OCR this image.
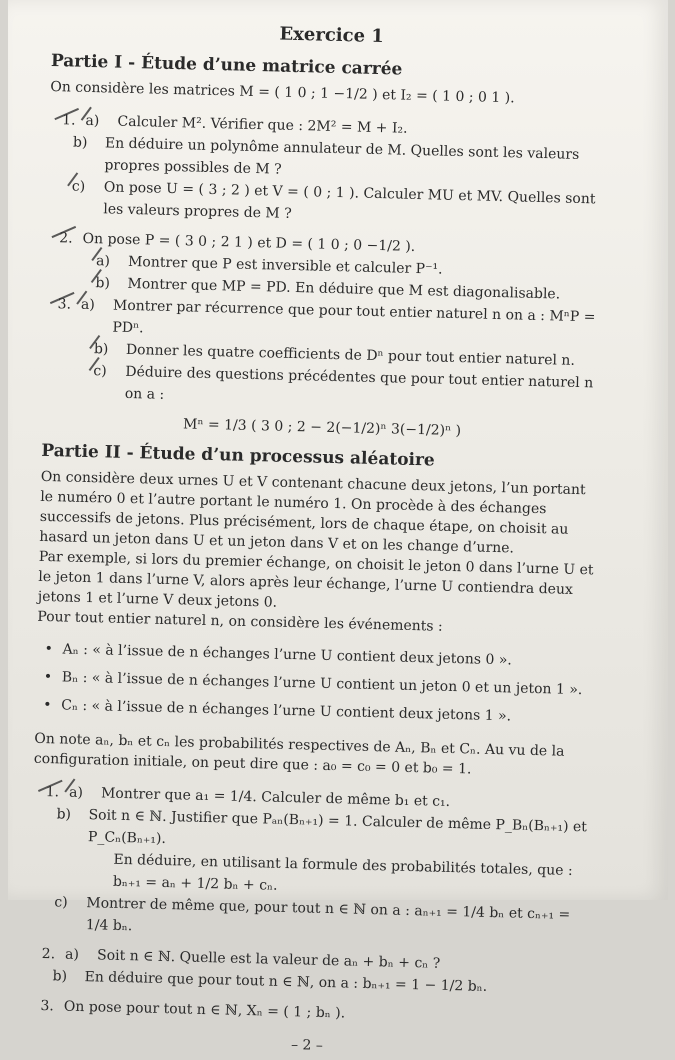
Exercice 1
Partie I - Étude d’une matrice carrée
On considère les matrices M = ( 1 0 ; 1 −1/2 ) et I₂ = ( 1 0 ; 0 1 ).
1. a)	Calculer M². Vérifier que : 2M² = M + I₂.
b)	En déduire un polynôme annulateur de M. Quelles sont les valeurs propres possibles de M ?
c)	On pose U = ( 3 ; 2 ) et V = ( 0 ; 1 ). Calculer MU et MV. Quelles sont les valeurs propres de M ?
2. On pose P = ( 3 0 ; 2 1 ) et D = ( 1 0 ; 0 −1/2 ).
a)	Montrer que P est inversible et calculer P⁻¹.
b)	Montrer que MP = PD. En déduire que M est diagonalisable.
3. a)	Montrer par récurrence que pour tout entier naturel n on a : MⁿP = PDⁿ.
b)	Donner les quatre coefficients de Dⁿ pour tout entier naturel n.
c)	Déduire des questions précédentes que pour tout entier naturel n on a :
Mⁿ = 1/3 ( 3 0 ; 2 − 2(−1/2)ⁿ 3(−1/2)ⁿ )
Partie II - Étude d’un processus aléatoire
On considère deux urnes U et V contenant chacune deux jetons, l’un portant le numéro 0 et l’autre portant le numéro 1. On procède à des échanges successifs de jetons. Plus précisément, lors de chaque étape, on choisit au hasard un jeton dans U et un jeton dans V et on les change d’urne.
Par exemple, si lors du premier échange, on choisit le jeton 0 dans l’urne U et le jeton 1 dans l’urne V, alors après leur échange, l’urne U contiendra deux jetons 1 et l’urne V deux jetons 0.
Pour tout entier naturel n, on considère les événements :
• Aₙ : « à l’issue de n échanges l’urne U contient deux jetons 0 ».
• Bₙ : « à l’issue de n échanges l’urne U contient un jeton 0 et un jeton 1 ».
• Cₙ : « à l’issue de n échanges l’urne U contient deux jetons 1 ».
On note aₙ, bₙ et cₙ les probabilités respectives de Aₙ, Bₙ et Cₙ. Au vu de la configuration initiale, on peut dire que : a₀ = c₀ = 0 et b₀ = 1.
1. a)	Montrer que a₁ = 1/4. Calculer de même b₁ et c₁.
b)	Soit n ∈ ℕ. Justifier que Pₐₙ(Bₙ₊₁) = 1. Calculer de même P_Bₙ(Bₙ₊₁) et P_Cₙ(Bₙ₊₁).
En déduire, en utilisant la formule des probabilités totales, que : bₙ₊₁ = aₙ + 1/2 bₙ + cₙ.
c)	Montrer de même que, pour tout n ∈ ℕ on a : aₙ₊₁ = 1/4 bₙ et cₙ₊₁ = 1/4 bₙ.
2. a)	Soit n ∈ ℕ. Quelle est la valeur de aₙ + bₙ + cₙ ?
b)	En déduire que pour tout n ∈ ℕ, on a : bₙ₊₁ = 1 − 1/2 bₙ.
3. On pose pour tout n ∈ ℕ, Xₙ = ( 1 ; bₙ ).
– 2 –
